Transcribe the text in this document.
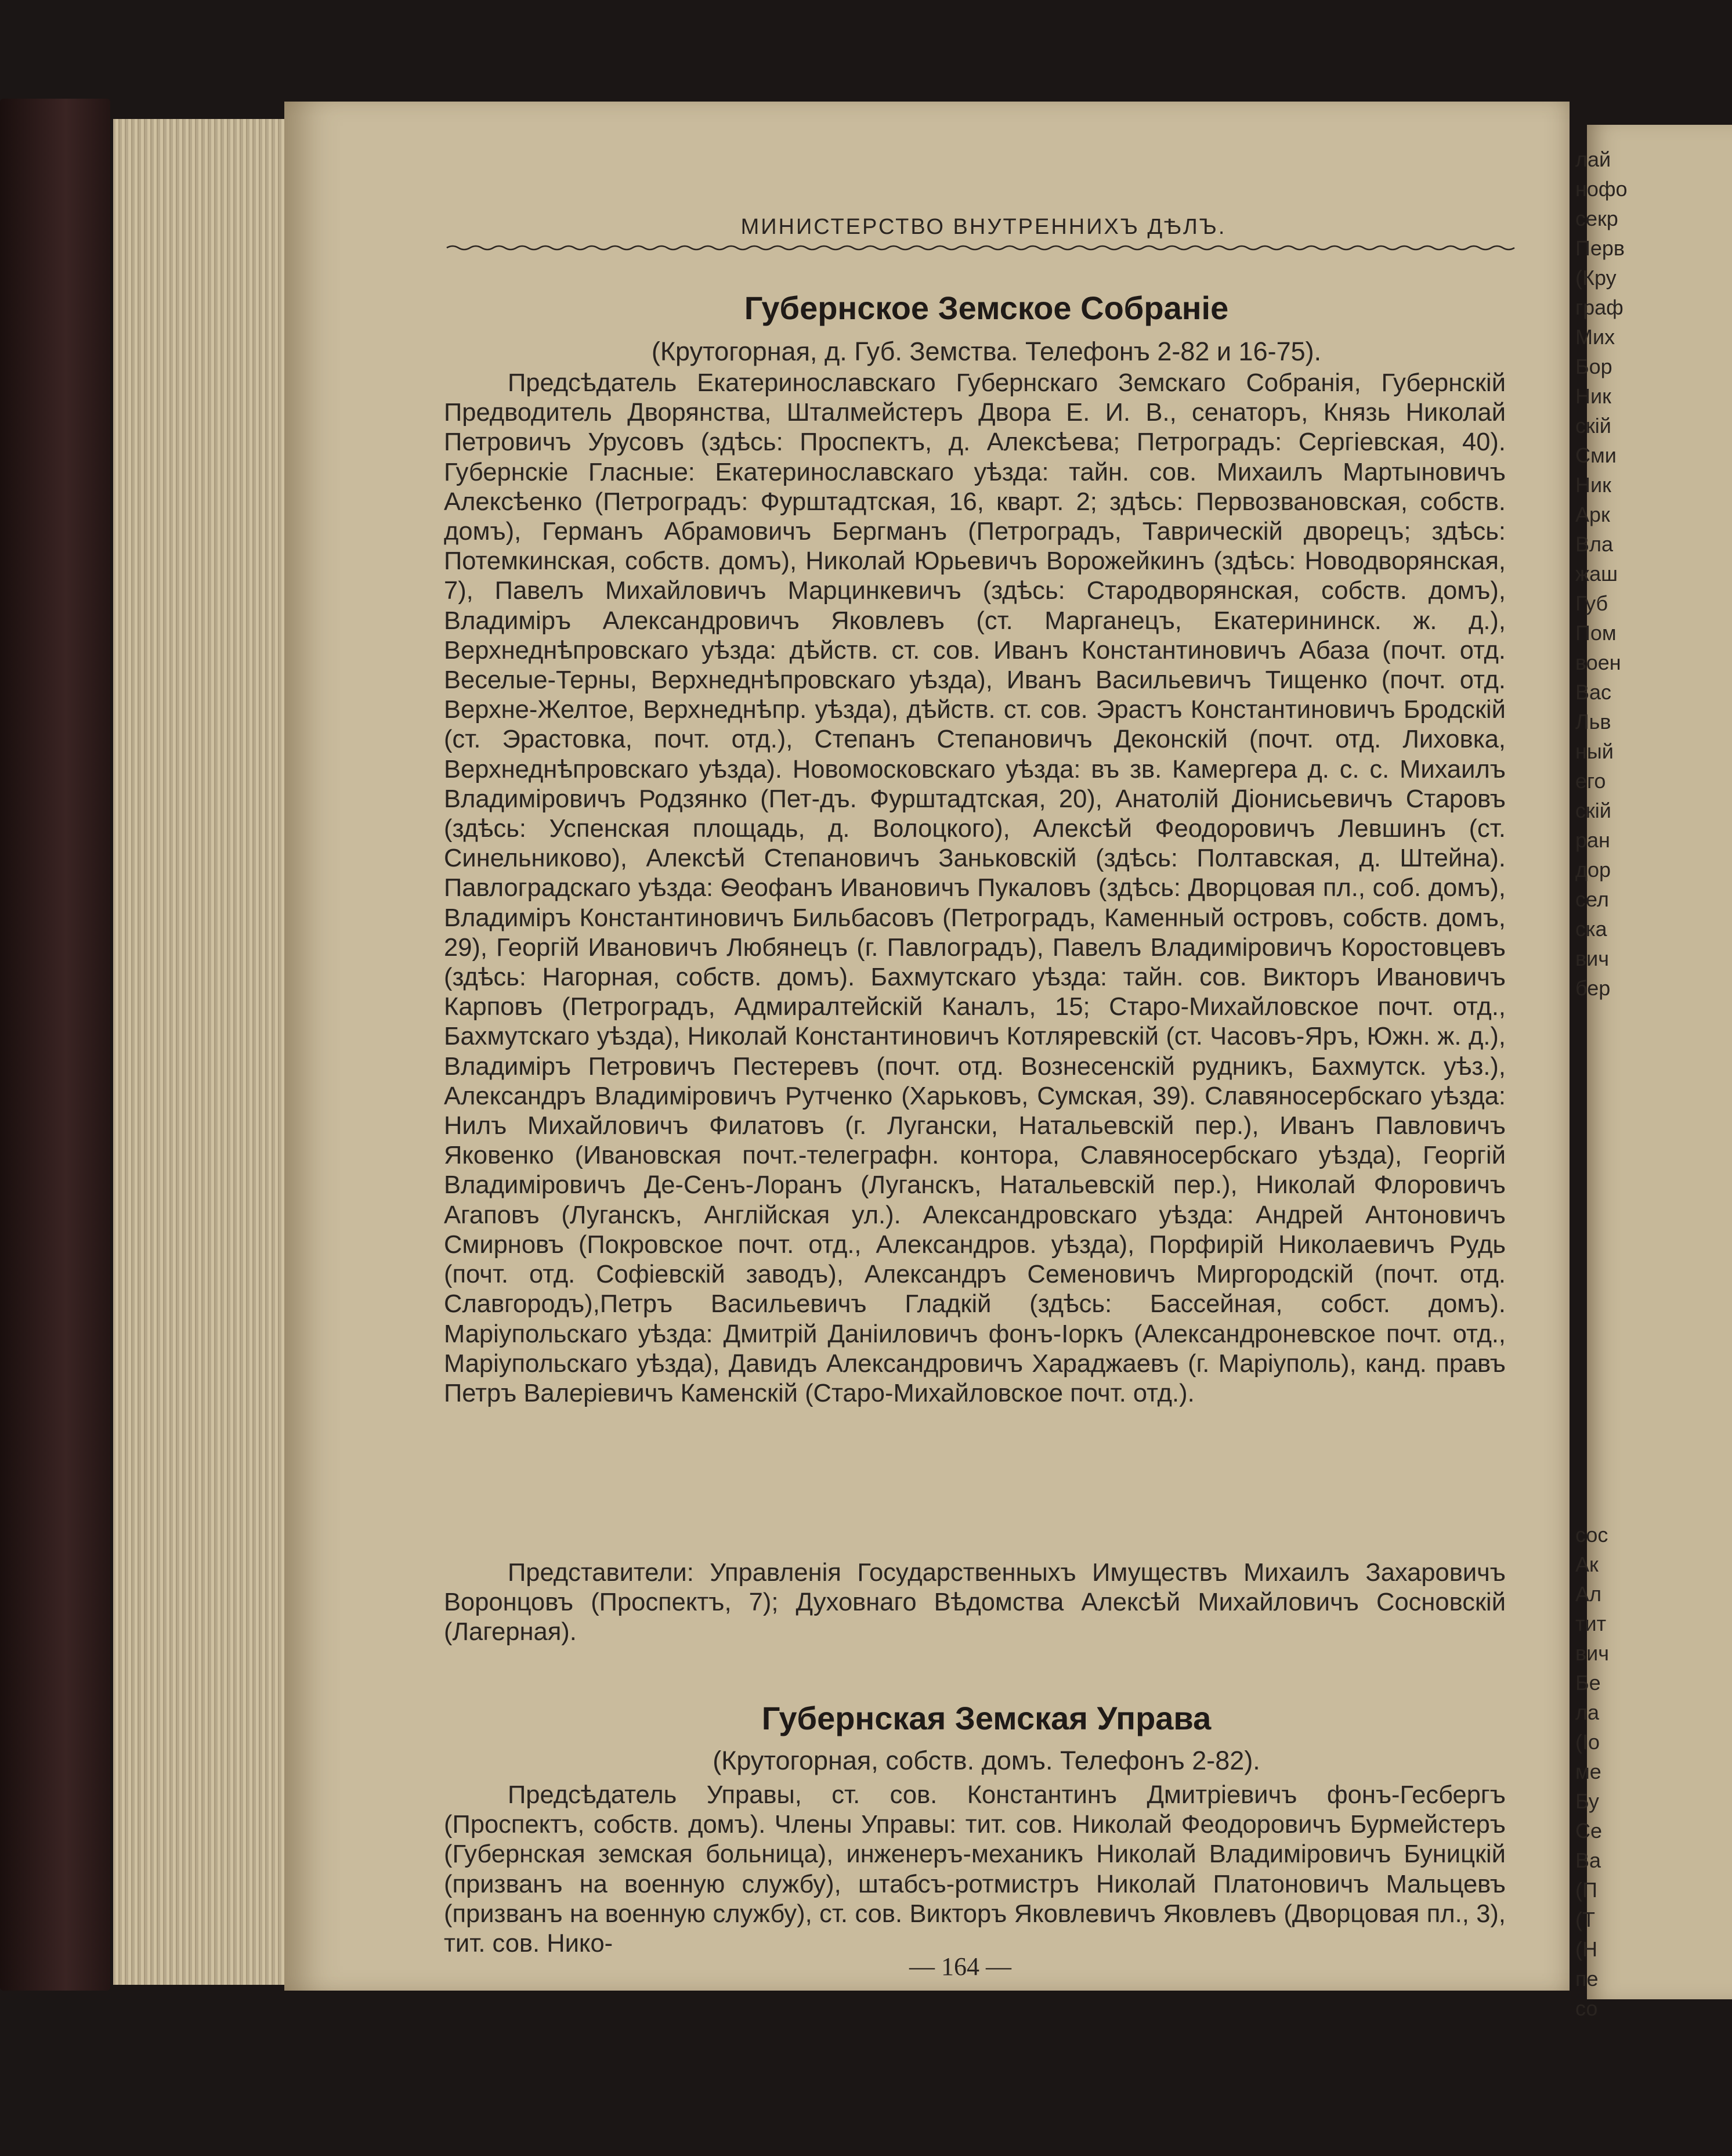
МИНИСТЕРСТВО ВНУТРЕННИХЪ ДѢЛЪ.
Губернское Земское Собраніе
(Крутогорная, д. Губ. Земства. Телефонъ 2-82 и 16-75).
Предсѣдатель Екатеринославскаго Губернскаго Земскаго Собранія, Губернскій Предводитель Дворянства, Шталмейстеръ Двора Е. И. В., сенаторъ, Князь Николай Петровичъ Урусовъ (здѣсь: Проспектъ, д. Алексѣева; Петроградъ: Сергіевская, 40). Губернскіе Гласные: Екатеринославскаго уѣзда: тайн. сов. Михаилъ Мартыновичъ Алексѣенко (Петроградъ: Фурштадтская, 16, кварт. 2; здѣсь: Первозвановская, собств. домъ), Германъ Абрамовичъ Бергманъ (Петроградъ, Таврическій дворецъ; здѣсь: Потемкинская, собств. домъ), Николай Юрьевичъ Ворожейкинъ (здѣсь: Новодворянская, 7), Павелъ Михайловичъ Марцинкевичъ (здѣсь: Стародворянская, собств. домъ), Владиміръ Александровичъ Яковлевъ (ст. Марганецъ, Екатерининск. ж. д.), Верхнеднѣпровскаго уѣзда: дѣйств. ст. сов. Иванъ Константиновичъ Абаза (почт. отд. Веселые-Терны, Верхнеднѣпровскаго уѣзда), Иванъ Васильевичъ Тищенко (почт. отд. Верхне-Желтое, Верхнеднѣпр. уѣзда), дѣйств. ст. сов. Эрастъ Константиновичъ Бродскій (ст. Эрастовка, почт. отд.), Степанъ Степановичъ Деконскій (почт. отд. Лиховка, Верхнеднѣпровскаго уѣзда). Новомосковскаго уѣзда: въ зв. Камергера д. с. с. Михаилъ Владиміровичъ Родзянко (Пет-дъ. Фурштадтская, 20), Анатолій Діонисьевичъ Старовъ (здѣсь: Успенская площадь, д. Волоцкого), Алексѣй Феодоровичъ Левшинъ (ст. Синельниково), Алексѣй Степановичъ Заньковскій (здѣсь: Полтавская, д. Штейна). Павлоградскаго уѣзда: Ѳеофанъ Ивановичъ Пукаловъ (здѣсь: Дворцовая пл., соб. домъ), Владиміръ Константиновичъ Бильбасовъ (Петроградъ, Каменный островъ, собств. домъ, 29), Георгій Ивановичъ Любянецъ (г. Павлоградъ), Павелъ Владиміровичъ Коростовцевъ (здѣсь: Нагорная, собств. домъ). Бахмутскаго уѣзда: тайн. сов. Викторъ Ивановичъ Карповъ (Петроградъ, Адмиралтейскій Каналъ, 15; Старо-Михайловское почт. отд., Бахмутскаго уѣзда), Николай Константиновичъ Котляревскій (ст. Часовъ-Яръ, Южн. ж. д.), Владиміръ Петровичъ Пестеревъ (почт. отд. Вознесенскій рудникъ, Бахмутск. уѣз.), Александръ Владиміровичъ Рутченко (Харьковъ, Сумская, 39). Славяносербскаго уѣзда: Нилъ Михайловичъ Филатовъ (г. Лугански, Натальевскій пер.), Иванъ Павловичъ Яковенко (Ивановская почт.-телеграфн. контора, Славяносербскаго уѣзда), Георгій Владиміровичъ Де-Сенъ-Лоранъ (Луганскъ, Натальевскій пер.), Николай Флоровичъ Агаповъ (Луганскъ, Англійская ул.). Александровскаго уѣзда: Андрей Антоновичъ Смирновъ (Покровское почт. отд., Александров. уѣзда), Порфирій Николаевичъ Рудь (почт. отд. Софіевскій заводъ), Александръ Семеновичъ Миргородскій (почт. отд. Славгородъ),Петръ Васильевичъ Гладкій (здѣсь: Бассейная, собст. домъ). Маріупольскаго уѣзда: Дмитрій Даніиловичъ фонъ-Іоркъ (Александроневское почт. отд., Маріупольскаго уѣзда), Давидъ Александровичъ Хараджаевъ (г. Маріуполь), канд. правъ Петръ Валеріевичъ Каменскій (Старо-Михайловское почт. отд.).
Представители: Управленія Государственныхъ Имуществъ Михаилъ Захаровичъ Воронцовъ (Проспектъ, 7); Духовнаго Вѣдомства Алексѣй Михайловичъ Сосновскій (Лагерная).
Губернская Земская Управа
(Крутогорная, собств. домъ. Телефонъ 2-82).
Предсѣдатель Управы, ст. сов. Константинъ Дмитріевичъ фонъ-Гесбергъ (Проспектъ, собств. домъ). Члены Управы: тит. сов. Николай Феодоровичъ Бурмейстеръ (Губернская земская больница), инженеръ-механикъ Николай Владиміровичъ Буницкій (призванъ на военную службу), штабсъ-ротмистръ Николай Платоновичъ Мальцевъ (призванъ на военную службу), ст. сов. Викторъ Яковлевичъ Яковлевъ (Дворцовая пл., 3), тит. сов. Нико-
— 164 —
лай
нофо
секр
Перв
(Кру
граф
Мих
Бор
Ник
скій
Сми
Ник
Арк
Вла
жаш
Губ
Пом
воен
Вас
Льв
ный
его
скій
ран
дор
сел
ска
вич
бер
сос
Ак
Ал
тит
вич
Бе
ла
(Іо
ме
Бу
Се
Ва
(П
(Т
(Н
пе
со
